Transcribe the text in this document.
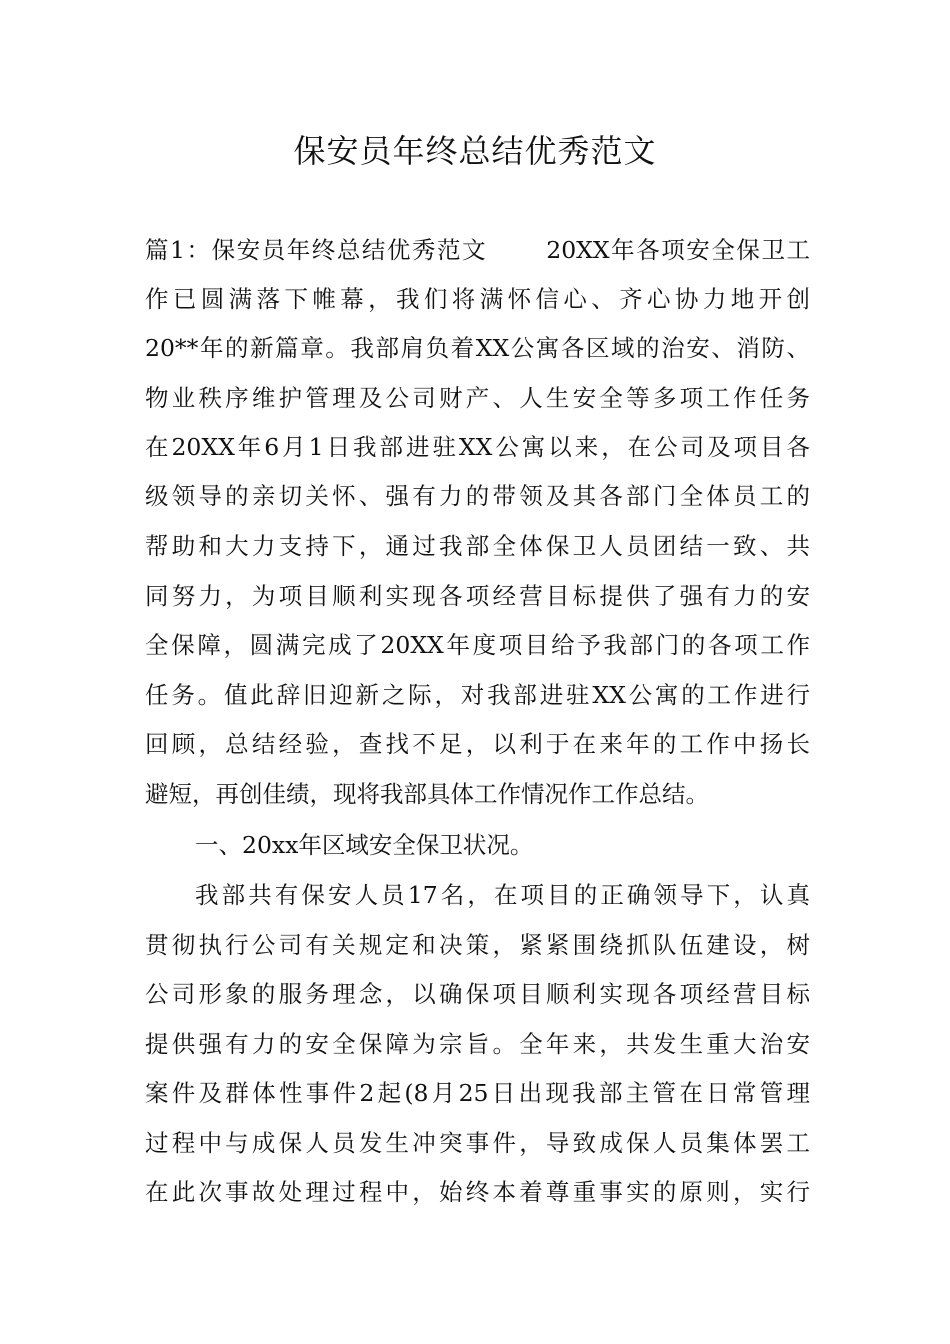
保安员年终总结优秀范文
篇1：保安员年终总结优秀范文　　 20XX年各项安全保卫工
作已圆满落下帷幕，我们将满怀信心、齐心协力地开创
20**年的新篇章。我部肩负着XX公寓各区域的治安、消防、
物业秩序维护管理及公司财产、人生安全等多项工作任务
在20XX年6月1日我部进驻XX公寓以来，在公司及项目各
级领导的亲切关怀、强有力的带领及其各部门全体员工的
帮助和大力支持下，通过我部全体保卫人员团结一致、共
同努力，为项目顺利实现各项经营目标提供了强有力的安
全保障，圆满完成了20XX年度项目给予我部门的各项工作
任务。值此辞旧迎新之际，对我部进驻XX公寓的工作进行
回顾，总结经验，查找不足，以利于在来年的工作中扬长
避短，再创佳绩，现将我部具体工作情况作工作总结。
一、20xx年区域安全保卫状况。
我部共有保安人员17名，在项目的正确领导下，认真
贯彻执行公司有关规定和决策，紧紧围绕抓队伍建设，树
公司形象的服务理念，以确保项目顺利实现各项经营目标
提供强有力的安全保障为宗旨。全年来，共发生重大治安
案件及群体性事件2起(8月25日出现我部主管在日常管理
过程中与成保人员发生冲突事件，导致成保人员集体罢工
在此次事故处理过程中，始终本着尊重事实的原则，实行
